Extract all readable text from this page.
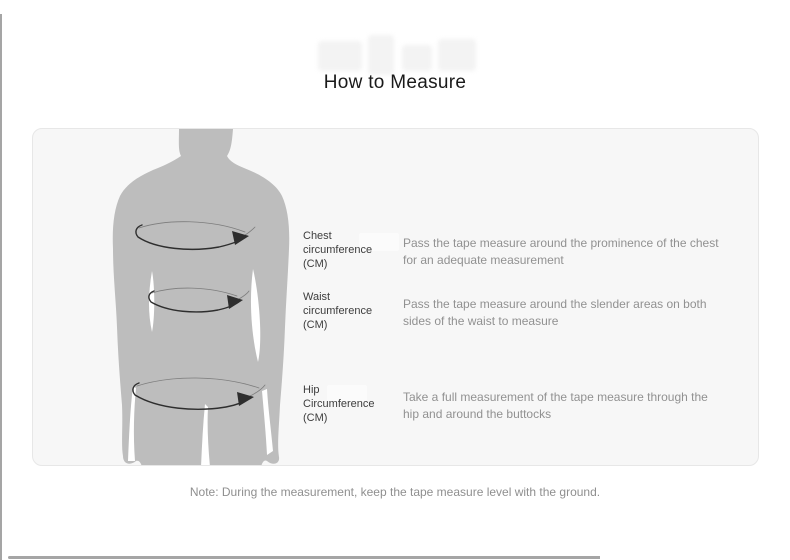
How to Measure
Chest circumference (CM)
Pass the tape measure around the prominence of the chest for an adequate measurement
Waist circumference (CM)
Pass the tape measure around the slender areas on both sides of the waist to measure
Hip Circumference (CM)
Take a full measurement of the tape measure through the hip and around the buttocks
Note: During the measurement, keep the tape measure level with the ground.
